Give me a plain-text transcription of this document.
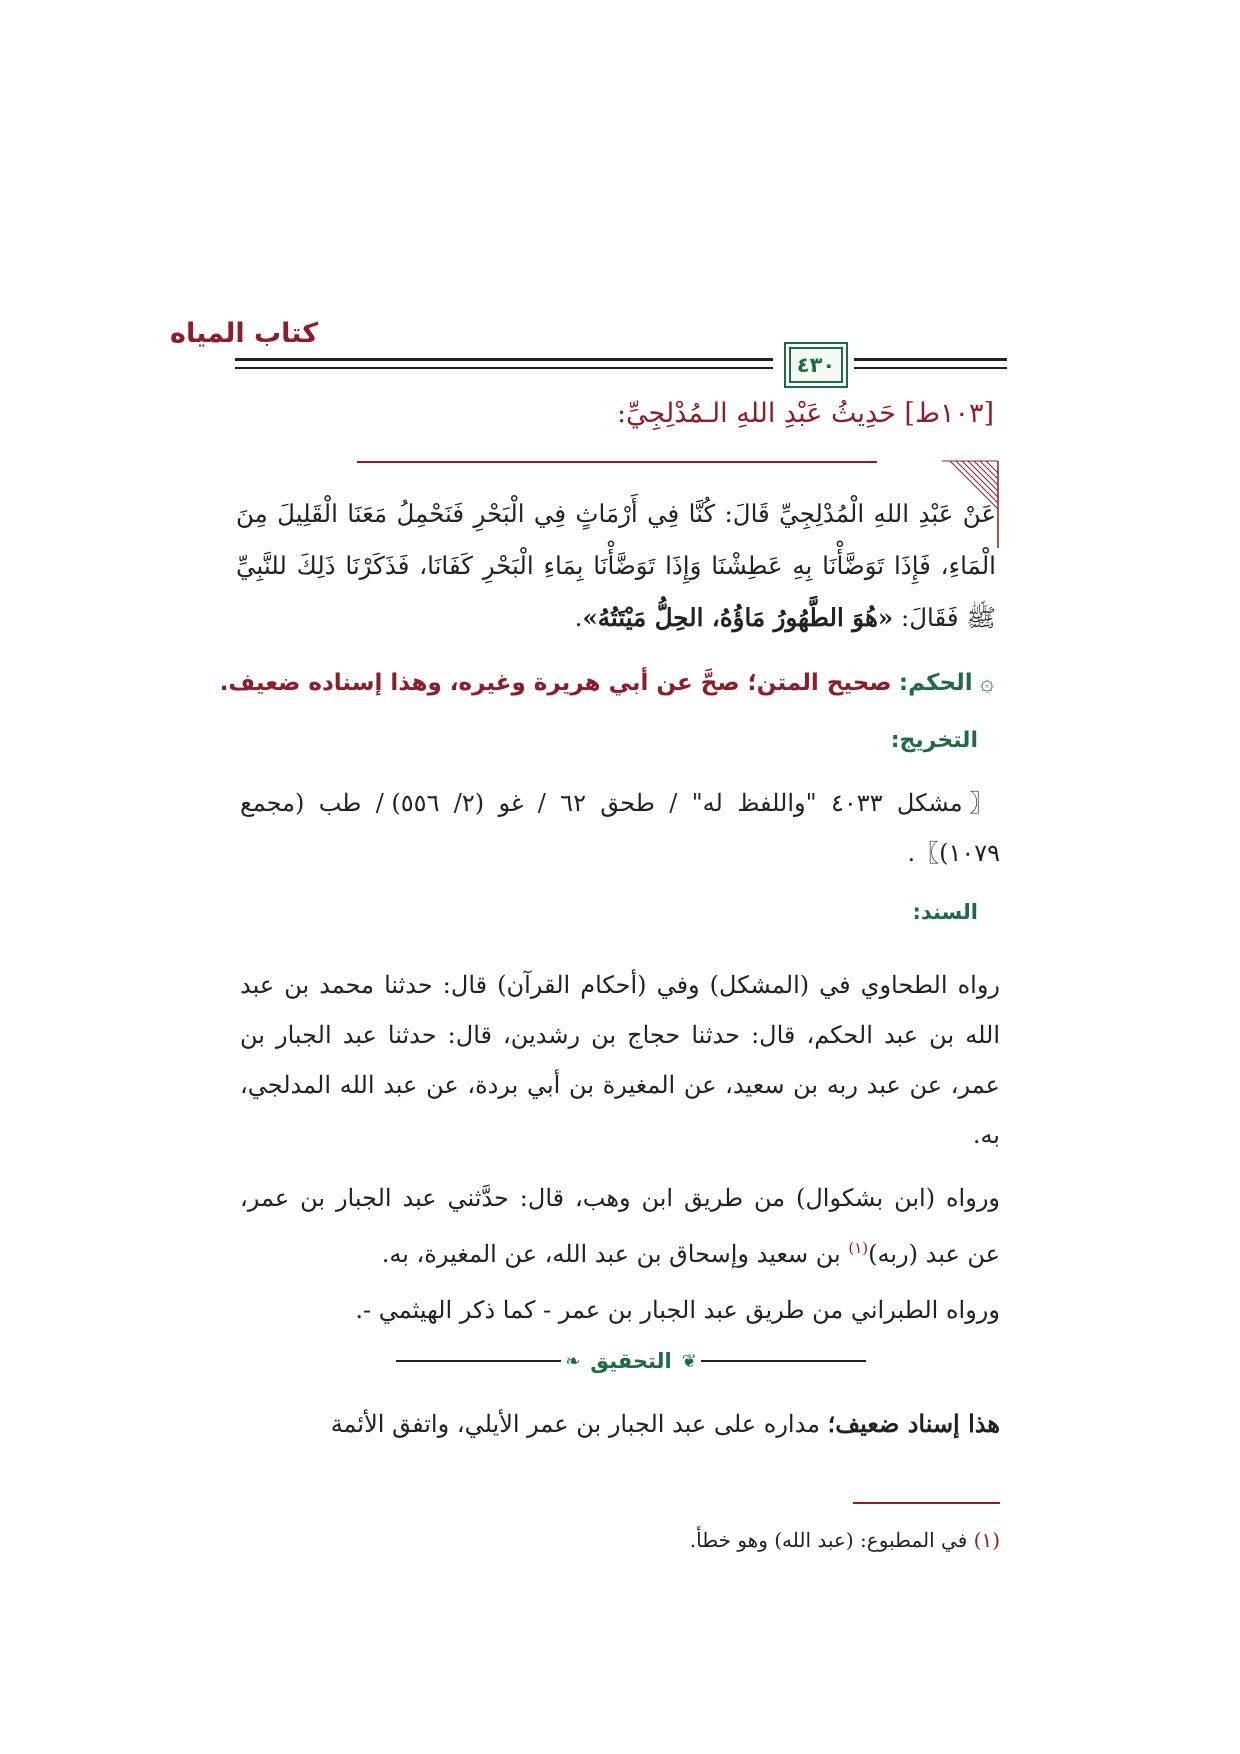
كتاب المياه
٤٣٠
[١٠٣ط] حَدِيثُ عَبْدِ اللهِ الـمُدْلِجِيِّ:
عَنْ عَبْدِ اللهِ الْمُدْلِجِيِّ قَالَ: كُنَّا فِي أَرْمَاثٍ فِي الْبَحْرِ فَنَحْمِلُ مَعَنَا الْقَلِيلَ مِنَ الْمَاءِ، فَإِذَا تَوَضَّأْنَا بِهِ عَطِشْنَا وَإِذَا تَوَضَّأْنَا بِمَاءِ الْبَحْرِ كَفَانَا، فَذَكَرْنَا ذَلِكَ للنَّبِيِّ ﷺ فَقَالَ: «هُوَ الطَّهُورُ مَاؤُهُ، الحِلُّ مَيْتَتُهُ».
۞ الحكم: صحيح المتن؛ صحَّ عن أبي هريرة وغيره، وهذا إسناده ضعيف.
التخريج:
〖مشكل ٤٠٣٣ "واللفظ له" / طحق ٦٢ / غو (٢/ ٥٥٦) / طب (مجمع ١٠٧٩)〗.
السند:
رواه الطحاوي في (المشكل) وفي (أحكام القرآن) قال: حدثنا محمد بن عبد الله بن عبد الحكم، قال: حدثنا حجاج بن رشدين، قال: حدثنا عبد الجبار بن عمر، عن عبد ربه بن سعيد، عن المغيرة بن أبي بردة، عن عبد الله المدلجي، به.
ورواه (ابن بشكوال) من طريق ابن وهب، قال: حدَّثني عبد الجبار بن عمر، عن عبد (ربه)$^{(١)}$ بن سعيد وإسحاق بن عبد الله، عن المغيرة، به.
ورواه الطبراني من طريق عبد الجبار بن عمر - كما ذكر الهيثمي -.
❦
التحقيق
❧
هذا إسناد ضعيف؛ مداره على عبد الجبار بن عمر الأيلي، واتفق الأئمة
(١) في المطبوع: (عبد الله) وهو خطأ.
